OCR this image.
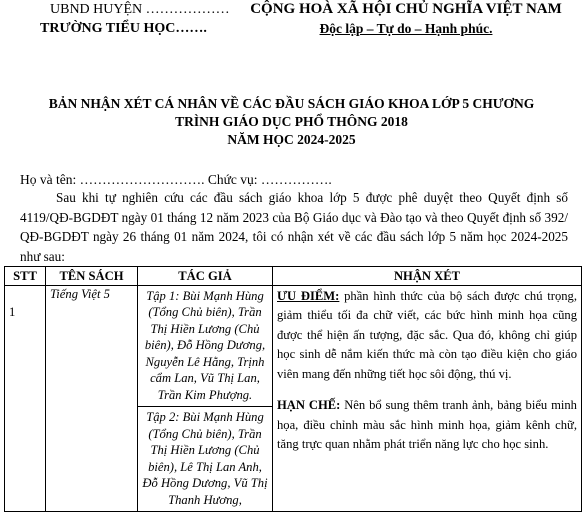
UBND HUYỆN ………………
TRƯỜNG TIỂU HỌC…….
CỘNG HOÀ XÃ HỘI CHỦ NGHĨA VIỆT NAM
Độc lập – Tự do – Hạnh phúc.
BẢN NHẬN XÉT CÁ NHÂN VỀ CÁC ĐẦU SÁCH GIÁO KHOA LỚP 5 CHƯƠNG
TRÌNH GIÁO DỤC PHỔ THÔNG 2018
NĂM HỌC 2024-2025
Họ và tên: ………………………. Chức vụ: …………….
Sau khi tự nghiên cứu các đầu sách giáo khoa lớp 5 được phê duyệt theo Quyết định số 4119/QĐ-BGDĐT ngày 01 tháng 12 năm 2023 của Bộ Giáo dục và Đào tạo và theo Quyết định số 392/ QĐ-BGDĐT ngày 26 tháng 01 năm 2024, tôi có nhận xét về các đầu sách lớp 5 năm học 2024-2025 như sau:
STT	TÊN SÁCH	TÁC GIẢ	NHẬN XÉT
1	Tiếng Việt 5	Tập 1: Bùi Mạnh Hùng (Tổng Chủ biên), Trần Thị Hiền Lương (Chủ biên), Đỗ Hồng Dương, Nguyễn Lê Hằng, Trịnh cẩm Lan, Vũ Thị Lan, Trần Kim Phượng.	ƯU ĐIỂM: phần hình thức của bộ sách được chú trọng, giảm thiểu tối đa chữ viết, các bức hình minh họa cũng được thể hiện ấn tượng, đặc sắc. Qua đó, không chỉ giúp học sinh dễ nắm kiến thức mà còn tạo điều kiện cho giáo viên mang đến những tiết học sôi động, thú vị.

HẠN CHẾ: Nên bổ sung thêm tranh ảnh, bảng biểu minh họa, điều chỉnh màu sắc hình minh họa, giảm kênh chữ, tăng trực quan nhằm phát triển năng lực cho học sinh.

		Tập 2: Bùi Mạnh Hùng (Tổng Chủ biên), Trần Thị Hiền Lương (Chủ biên), Lê Thị Lan Anh, Đỗ Hồng Dương, Vũ Thị Thanh Hương,	
